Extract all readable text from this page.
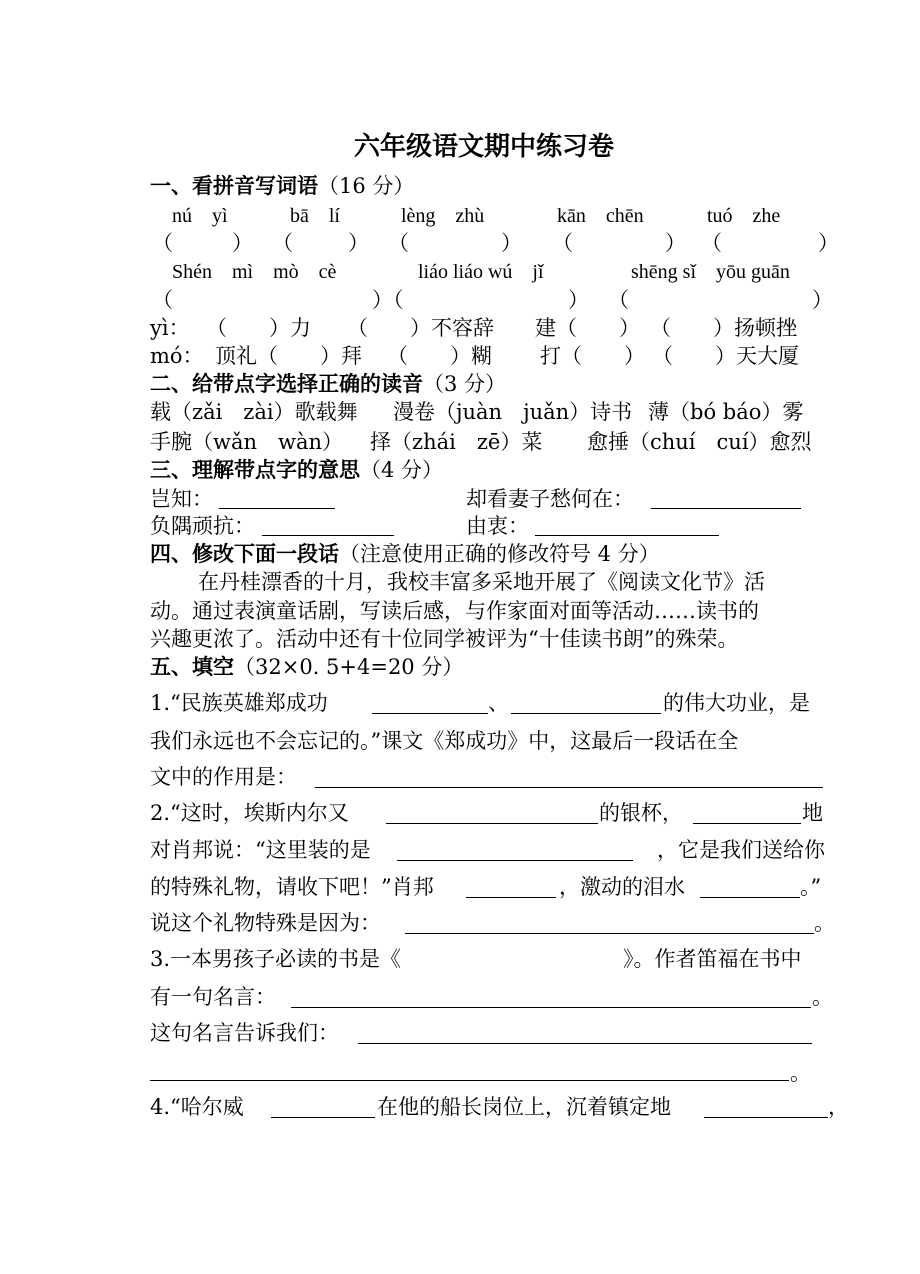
六年级语文期中练习卷
一、看拼音写词语（16 分）
nú　yì	bā　lí	lèng　zhù	kān　chēn	tuó　zhe
（	） （	） （	） （	） （	）
Shén　mì　mò　cè	liáo liáo wú　jǐ	shēng sǐ　yōu guān
（	）（	） （	）
yì： （　　）力 （　　）不容辞 建（　　） （　　）扬顿挫
mó： 顶礼（　　）拜 （　　）糊 打（　　） （　　）天大厦
二、给带点字选择正确的读音（3 分）
载（zǎi　zài）歌载舞 漫卷（juàn　juǎn）诗书 薄（bó báo）雾
手腕（wǎn　wàn） 择（zhái　zē）菜 愈捶（chuí　cuí）愈烈
三、理解带点字的意思（4 分）
岂知：	却看妻子愁何在：
负隅顽抗：	由衷：
四、修改下面一段话（注意使用正确的修改符号 4 分）
在丹桂漂香的十月，我校丰富多采地开展了《阅读文化节》活
动。通过表演童话剧，写读后感，与作家面对面等活动……读书的
兴趣更浓了。活动中还有十位同学被评为“十佳读书朗”的殊荣。
五、填空（32×0. 5+4=20 分）
1.“民族英雄郑成功	、	的伟大功业，是
我们永远也不会忘记的。”课文《郑成功》中，这最后一段话在全
文中的作用是：
2.“这时，埃斯内尔又	的银杯，	地
对肖邦说：“这里装的是	，它是我们送给你
的特殊礼物，请收下吧！”肖邦	，激动的泪水	。”
说这个礼物特殊是因为：	。
3.一本男孩子必读的书是《	》。作者笛福在书中
有一句名言：	。
这句名言告诉我们：
。
4.“哈尔威	在他的船长岗位上，沉着镇定地	，
